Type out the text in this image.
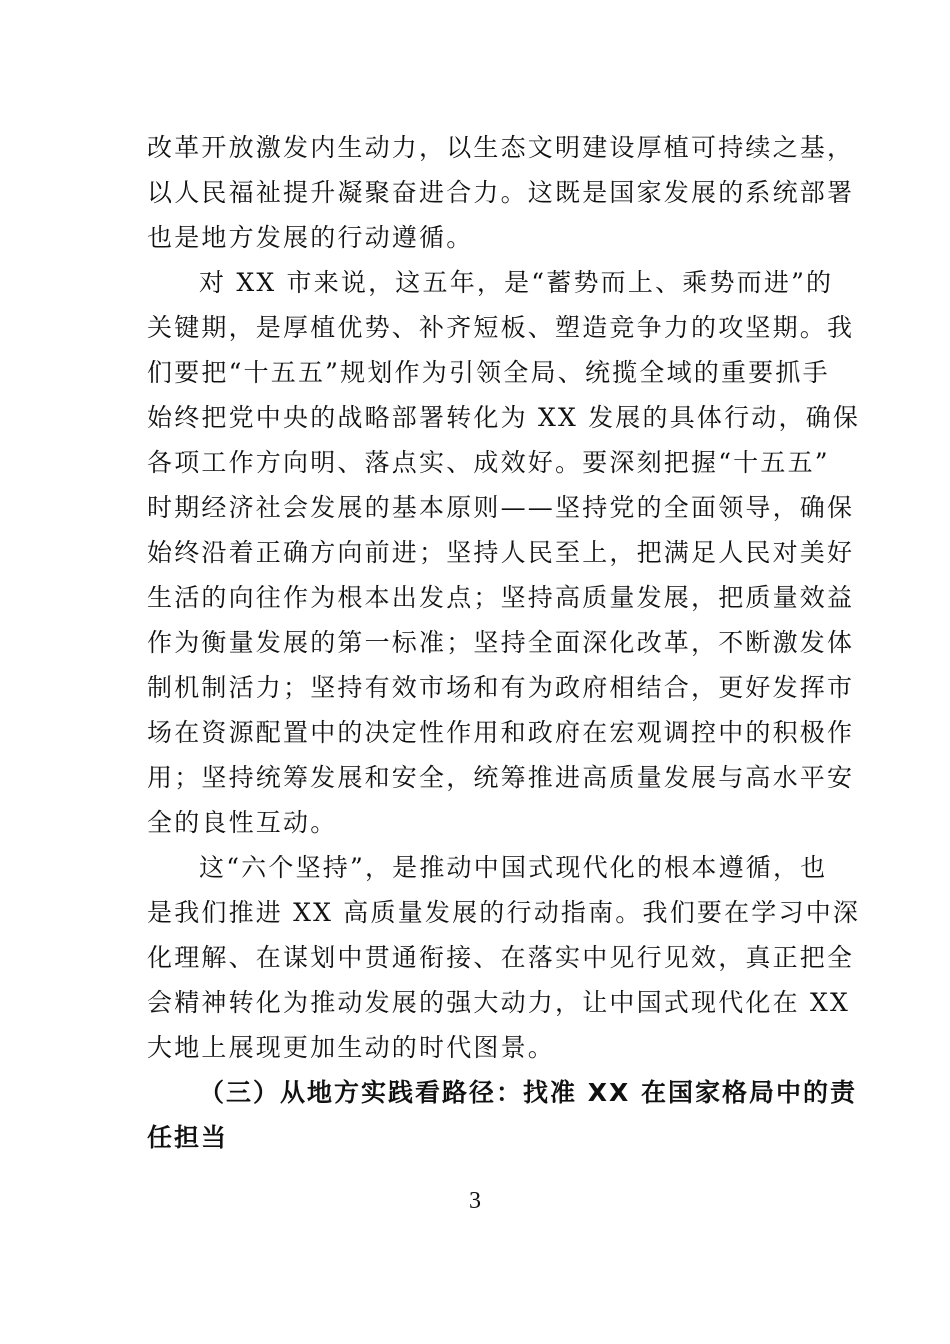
改革开放激发内生动力，以生态文明建设厚植可持续之基，
以人民福祉提升凝聚奋进合力。这既是国家发展的系统部署
也是地方发展的行动遵循。
对 XX 市来说，这五年，是“蓄势而上、乘势而进”的
关键期，是厚植优势、补齐短板、塑造竞争力的攻坚期。我
们要把“十五五”规划作为引领全局、统揽全域的重要抓手
始终把党中央的战略部署转化为 XX 发展的具体行动，确保
各项工作方向明、落点实、成效好。要深刻把握“十五五”
时期经济社会发展的基本原则——坚持党的全面领导，确保
始终沿着正确方向前进；坚持人民至上，把满足人民对美好
生活的向往作为根本出发点；坚持高质量发展，把质量效益
作为衡量发展的第一标准；坚持全面深化改革，不断激发体
制机制活力；坚持有效市场和有为政府相结合，更好发挥市
场在资源配置中的决定性作用和政府在宏观调控中的积极作
用；坚持统筹发展和安全，统筹推进高质量发展与高水平安
全的良性互动。
这“六个坚持”，是推动中国式现代化的根本遵循，也
是我们推进 XX 高质量发展的行动指南。我们要在学习中深
化理解、在谋划中贯通衔接、在落实中见行见效，真正把全
会精神转化为推动发展的强大动力，让中国式现代化在 XX
大地上展现更加生动的时代图景。
（三）从地方实践看路径：找准 XX 在国家格局中的责
任担当
3
